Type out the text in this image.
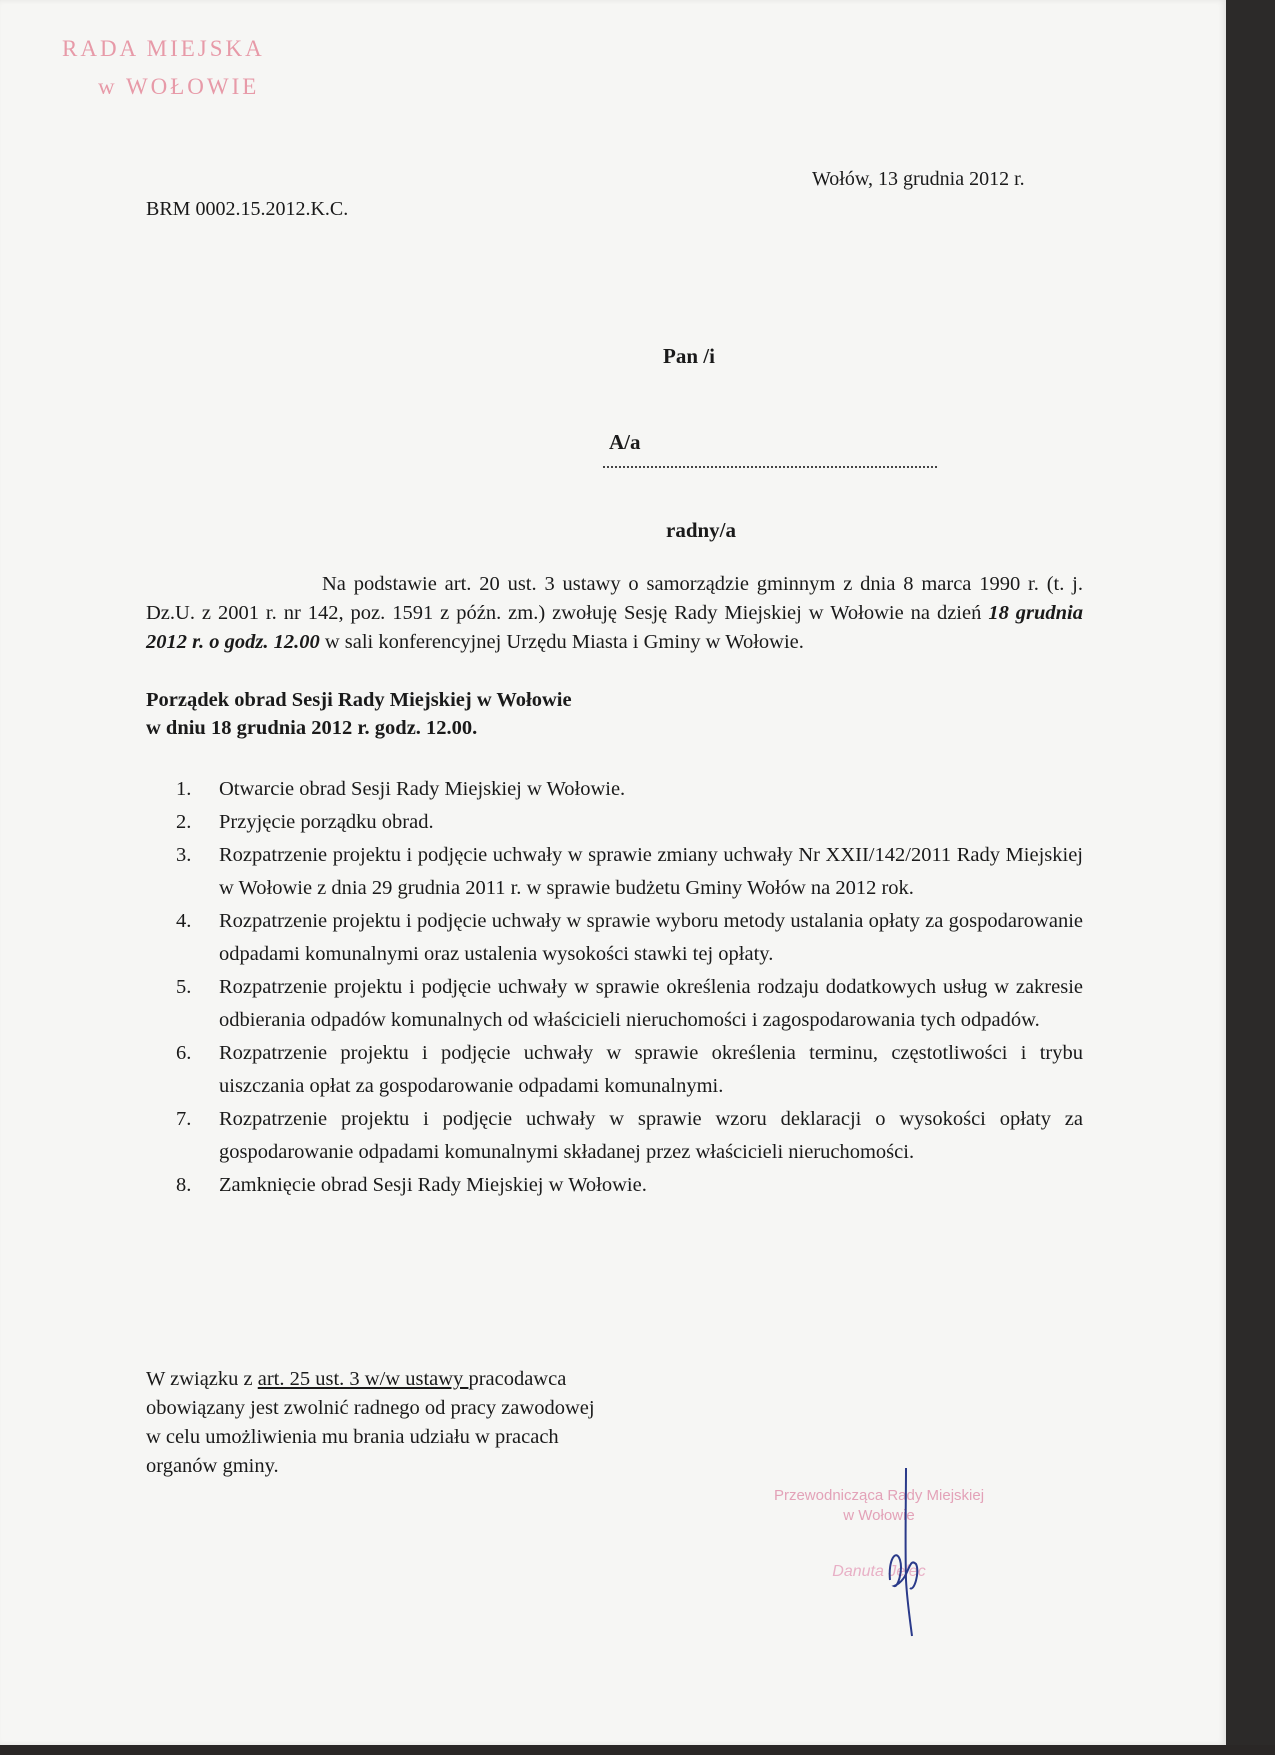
RADA MIEJSKA
w WOŁOWIE
BRM 0002.15.2012.K.C.
Wołów, 13 grudnia 2012 r.
Pan /i
A/a
radny/a
Na podstawie art. 20 ust. 3 ustawy o samorządzie gminnym z dnia 8 marca 1990 r. (t. j. Dz.U. z 2001 r. nr 142, poz. 1591 z późn. zm.) zwołuję Sesję Rady Miejskiej w Wołowie na dzień 18 grudnia 2012 r. o godz. 12.00 w sali konferencyjnej Urzędu Miasta i Gminy w Wołowie.
Porządek obrad Sesji Rady Miejskiej w Wołowie
w dniu 18 grudnia 2012 r. godz. 12.00.
1.	Otwarcie obrad Sesji Rady Miejskiej w Wołowie.
2.	Przyjęcie porządku obrad.
3.	Rozpatrzenie projektu i podjęcie uchwały w sprawie zmiany uchwały Nr XXII/142/2011 Rady Miejskiej w Wołowie z dnia 29 grudnia 2011 r. w sprawie budżetu Gminy Wołów na 2012 rok.
4.	Rozpatrzenie projektu i podjęcie uchwały w sprawie wyboru metody ustalania opłaty za gospodarowanie odpadami komunalnymi oraz ustalenia wysokości stawki tej opłaty.
5.	Rozpatrzenie projektu i podjęcie uchwały w sprawie określenia rodzaju dodatkowych usług w zakresie odbierania odpadów komunalnych od właścicieli nieruchomości i zagospodarowania tych odpadów.
6.	Rozpatrzenie projektu i podjęcie uchwały w sprawie określenia terminu, częstotliwości i trybu uiszczania opłat za gospodarowanie odpadami komunalnymi.
7.	Rozpatrzenie projektu i podjęcie uchwały w sprawie wzoru deklaracji o wysokości opłaty za gospodarowanie odpadami komunalnymi składanej przez właścicieli nieruchomości.
8.	Zamknięcie obrad Sesji Rady Miejskiej w Wołowie.
W związku z art. 25 ust. 3 w/w ustawy pracodawca
obowiązany jest zwolnić radnego od pracy zawodowej
w celu umożliwienia mu brania udziału w pracach
organów gminy.
Przewodnicząca Rady Miejskiej
w Wołowie
Danuta Jelec
